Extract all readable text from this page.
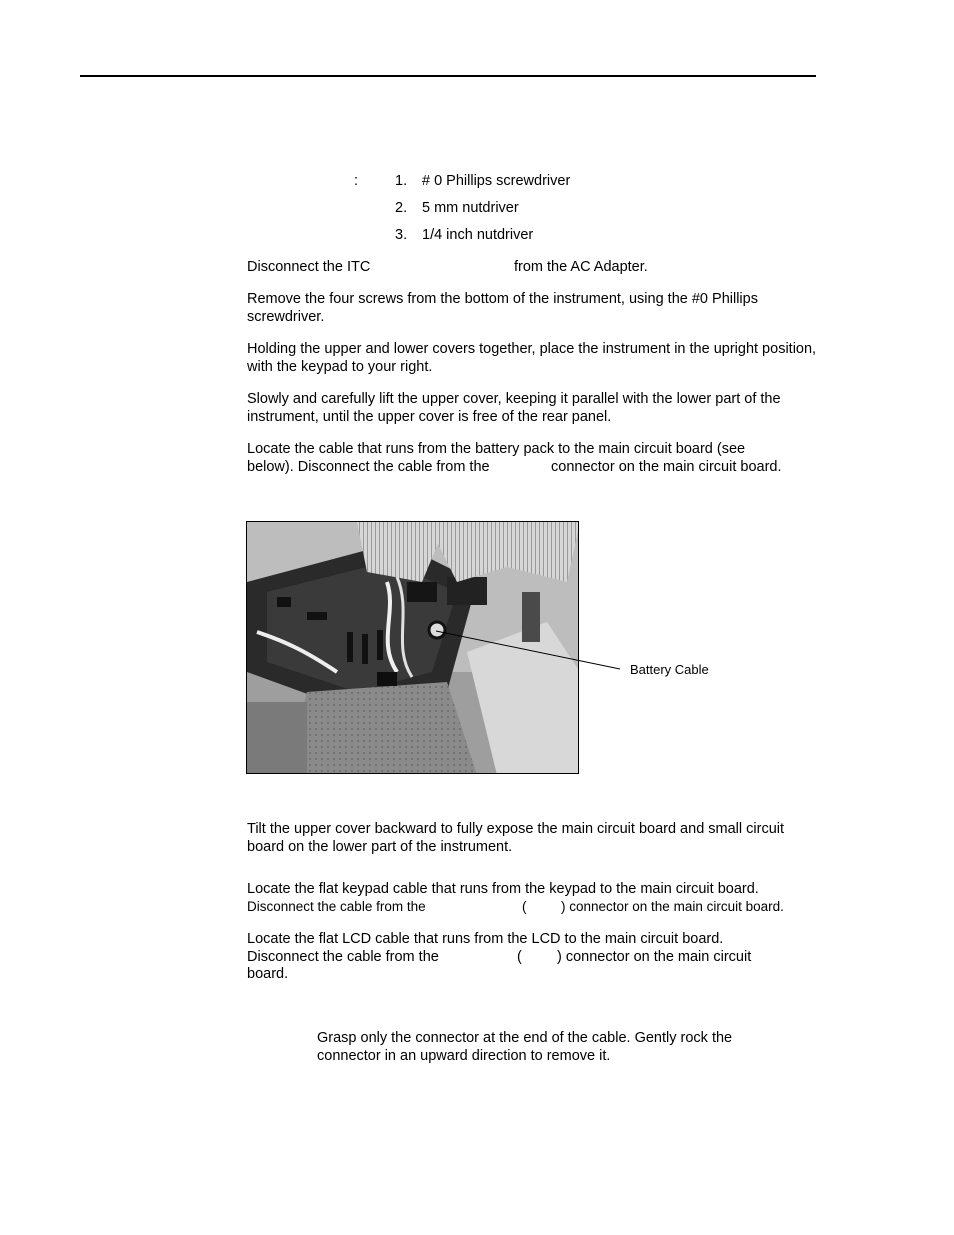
:	1. # 0 Phillips screwdriver
2. 5 mm nutdriver
3. 1/4 inch nutdriver
Disconnect the ITC	from the AC Adapter.
Remove the four screws from the bottom of the instrument, using the #0 Phillips screwdriver.
Holding the upper and lower covers together, place the instrument in the upright position, with the keypad to your right.
Slowly and carefully lift the upper cover, keeping it parallel with the lower part of the instrument, until the upper cover is free of the rear panel.
Locate the cable that runs from the battery pack to the main circuit board (see below). Disconnect the cable from the	connector on the main circuit board.
Battery Cable
Tilt the upper cover backward to fully expose the main circuit board and small circuit board on the lower part of the instrument.
Locate the flat keypad cable that runs from the keypad to the main circuit board.
Disconnect the cable from the	(	) connector on the main circuit board.
Locate the flat LCD cable that runs from the LCD to the main circuit board.
Disconnect the cable from the	( ) connector on the main circuit
board.
Grasp only the connector at the end of the cable. Gently rock the
connector in an upward direction to remove it.
